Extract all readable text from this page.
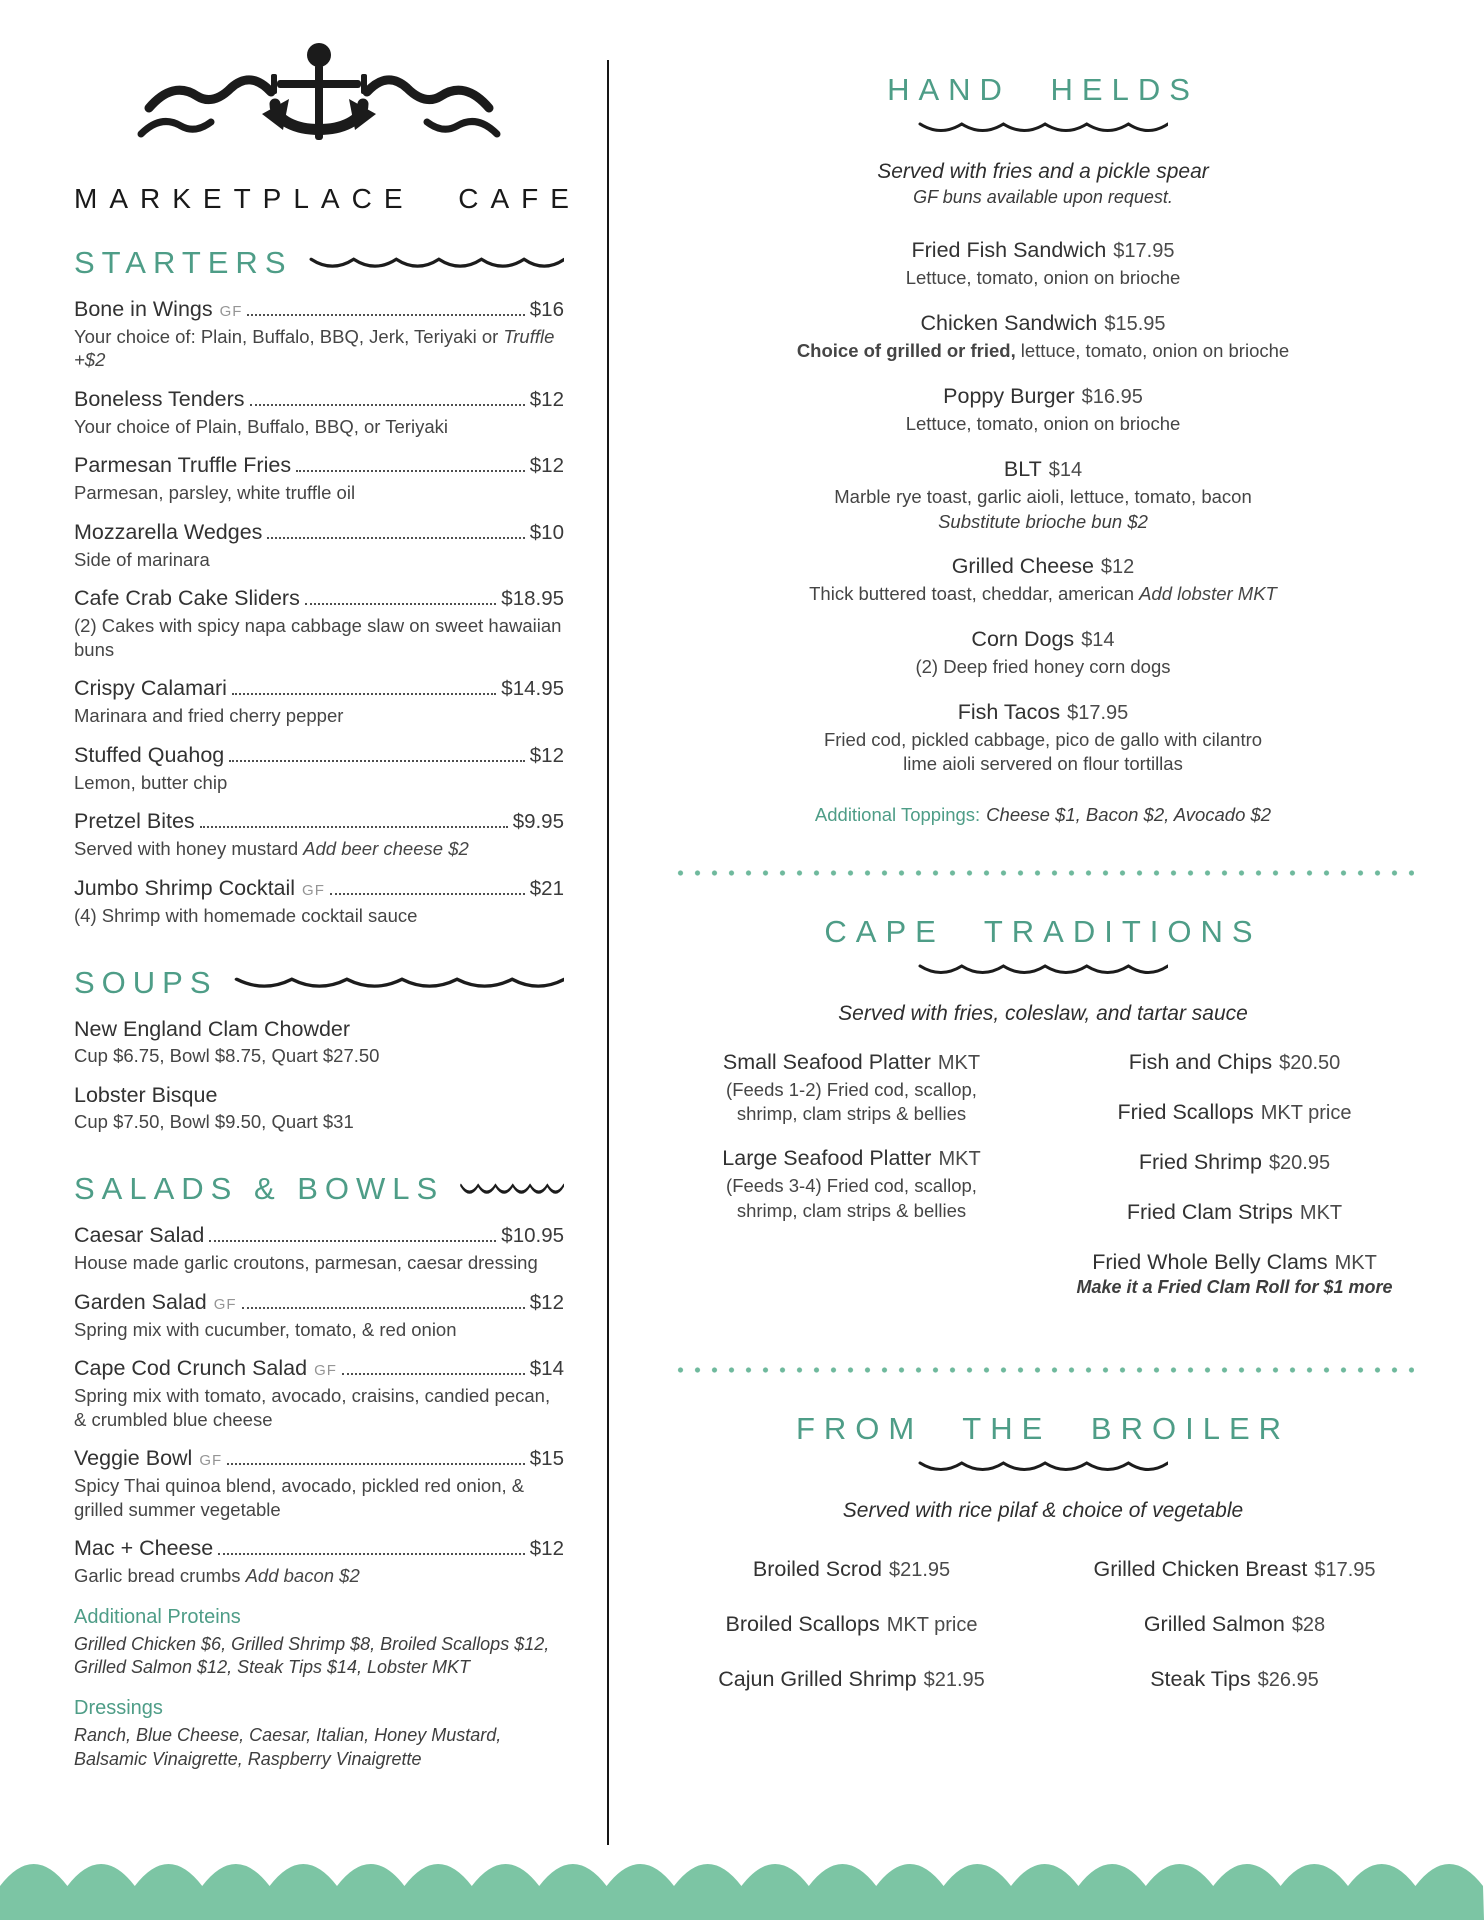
MARKETPLACE CAFE
STARTERS
Bone in Wings GF	$16
Your choice of: Plain, Buffalo, BBQ, Jerk, Teriyaki or Truffle +$2
Boneless Tenders	$12
Your choice of Plain, Buffalo, BBQ, or Teriyaki
Parmesan Truffle Fries	$12
Parmesan, parsley, white truffle oil
Mozzarella Wedges	$10
Side of marinara
Cafe Crab Cake Sliders	$18.95
(2) Cakes with spicy napa cabbage slaw on sweet hawaiian buns
Crispy Calamari	$14.95
Marinara and fried cherry pepper
Stuffed Quahog	$12
Lemon, butter chip
Pretzel Bites	$9.95
Served with honey mustard Add beer cheese $2
Jumbo Shrimp Cocktail GF	$21
(4) Shrimp with homemade cocktail sauce
SOUPS
New England Clam Chowder
Cup $6.75, Bowl $8.75, Quart $27.50
Lobster Bisque
Cup $7.50, Bowl $9.50, Quart $31
SALADS & BOWLS
Caesar Salad	$10.95
House made garlic croutons, parmesan, caesar dressing
Garden Salad GF	$12
Spring mix with cucumber, tomato, & red onion
Cape Cod Crunch Salad GF	$14
Spring mix with tomato, avocado, craisins, candied pecan, & crumbled blue cheese
Veggie Bowl GF	$15
Spicy Thai quinoa blend, avocado, pickled red onion, & grilled summer vegetable
Mac + Cheese	$12
Garlic bread crumbs Add bacon $2
Additional Proteins
Grilled Chicken $6, Grilled Shrimp $8, Broiled Scallops $12, Grilled Salmon $12, Steak Tips $14, Lobster MKT
Dressings
Ranch, Blue Cheese, Caesar, Italian, Honey Mustard, Balsamic Vinaigrette, Raspberry Vinaigrette
HAND HELDS
Served with fries and a pickle spear
GF buns available upon request.
Fried Fish Sandwich $17.95
Lettuce, tomato, onion on brioche
Chicken Sandwich $15.95
Choice of grilled or fried, lettuce, tomato, onion on brioche
Poppy Burger $16.95
Lettuce, tomato, onion on brioche
BLT $14
Marble rye toast, garlic aioli, lettuce, tomato, bacon
Substitute brioche bun $2
Grilled Cheese $12
Thick buttered toast, cheddar, american Add lobster MKT
Corn Dogs $14
(2) Deep fried honey corn dogs
Fish Tacos $17.95
Fried cod, pickled cabbage, pico de gallo with cilantro lime aioli servered on flour tortillas
Additional Toppings: Cheese $1, Bacon $2, Avocado $2
CAPE TRADITIONS
Served with fries, coleslaw, and tartar sauce
Small Seafood Platter MKT
(Feeds 1-2) Fried cod, scallop, shrimp, clam strips & bellies
Large Seafood Platter MKT
(Feeds 3-4) Fried cod, scallop, shrimp, clam strips & bellies
Fish and Chips $20.50
Fried Scallops MKT price
Fried Shrimp $20.95
Fried Clam Strips MKT
Fried Whole Belly Clams MKT
Make it a Fried Clam Roll for $1 more
FROM THE BROILER
Served with rice pilaf & choice of vegetable
Broiled Scrod $21.95
Broiled Scallops MKT price
Cajun Grilled Shrimp $21.95
Grilled Chicken Breast $17.95
Grilled Salmon $28
Steak Tips $26.95
